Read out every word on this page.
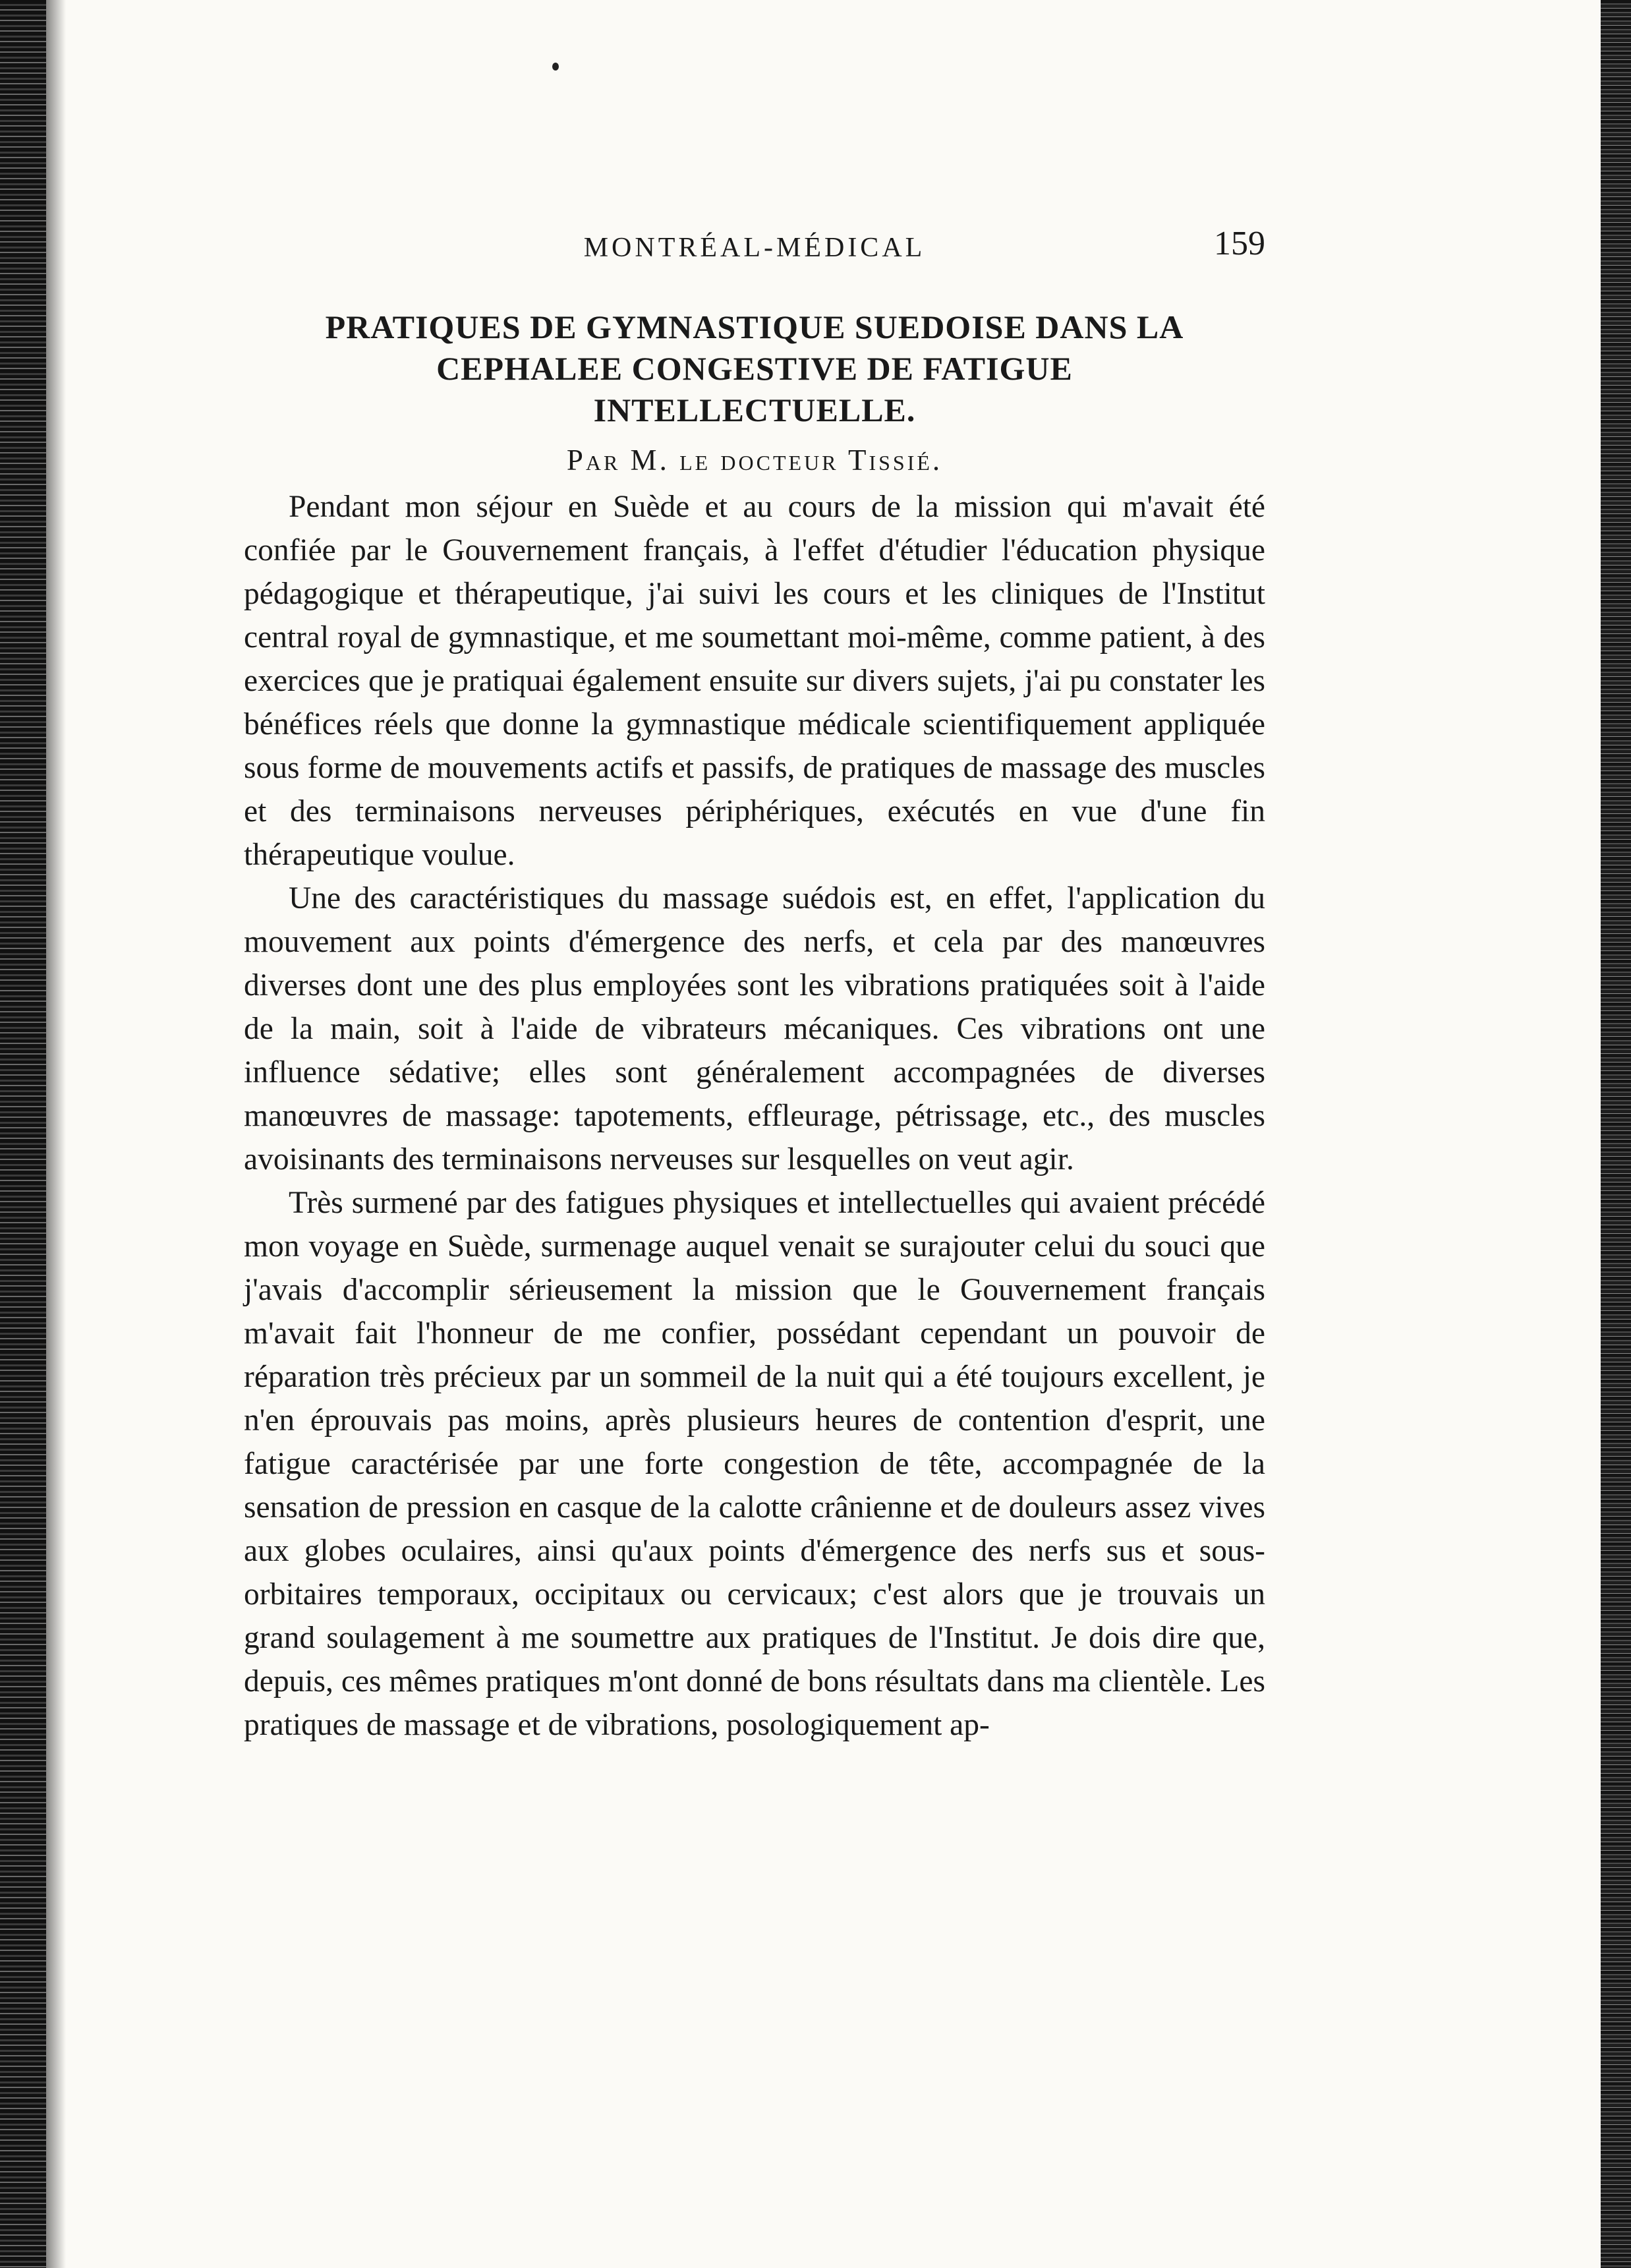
MONTRÉAL-MÉDICAL	159
PRATIQUES DE GYMNASTIQUE SUEDOISE DANS LA
CEPHALEE CONGESTIVE DE FATIGUE
INTELLECTUELLE.
Par M. le docteur Tissié.

Pendant mon séjour en Suède et au cours de la mission qui m'avait été confiée par le Gouvernement français, à l'effet d'étudier l'éducation physique pédagogique et thérapeutique, j'ai suivi les cours et les cliniques de l'Institut central royal de gymnastique, et me soumettant moi-même, comme patient, à des exercices que je pratiquai également ensuite sur divers sujets, j'ai pu constater les bénéfices réels que donne la gymnastique médicale scientifiquement appliquée sous forme de mouvements actifs et passifs, de pratiques de massage des muscles et des terminaisons nerveuses périphériques, exécutés en vue d'une fin thérapeutique voulue.

Une des caractéristiques du massage suédois est, en effet, l'application du mouvement aux points d'émergence des nerfs, et cela par des manœuvres diverses dont une des plus employées sont les vibrations pratiquées soit à l'aide de la main, soit à l'aide de vibrateurs mécaniques. Ces vibrations ont une influence sédative; elles sont généralement accompagnées de diverses manœuvres de massage: tapotements, effleurage, pétrissage, etc., des muscles avoisinants des terminaisons nerveuses sur lesquelles on veut agir.

Très surmené par des fatigues physiques et intellectuelles qui avaient précédé mon voyage en Suède, surmenage auquel venait se surajouter celui du souci que j'avais d'accomplir sérieusement la mission que le Gouvernement français m'avait fait l'honneur de me confier, possédant cependant un pouvoir de réparation très précieux par un sommeil de la nuit qui a été toujours excellent, je n'en éprouvais pas moins, après plusieurs heures de contention d'esprit, une fatigue caractérisée par une forte congestion de tête, accompagnée de la sensation de pression en casque de la calotte crânienne et de douleurs assez vives aux globes oculaires, ainsi qu'aux points d'émergence des nerfs sus et sous-orbitaires temporaux, occipitaux ou cervicaux; c'est alors que je trouvais un grand soulagement à me soumettre aux pratiques de l'Institut. Je dois dire que, depuis, ces mêmes pratiques m'ont donné de bons résultats dans ma clientèle. Les pratiques de massage et de vibrations, posologiquement ap-
